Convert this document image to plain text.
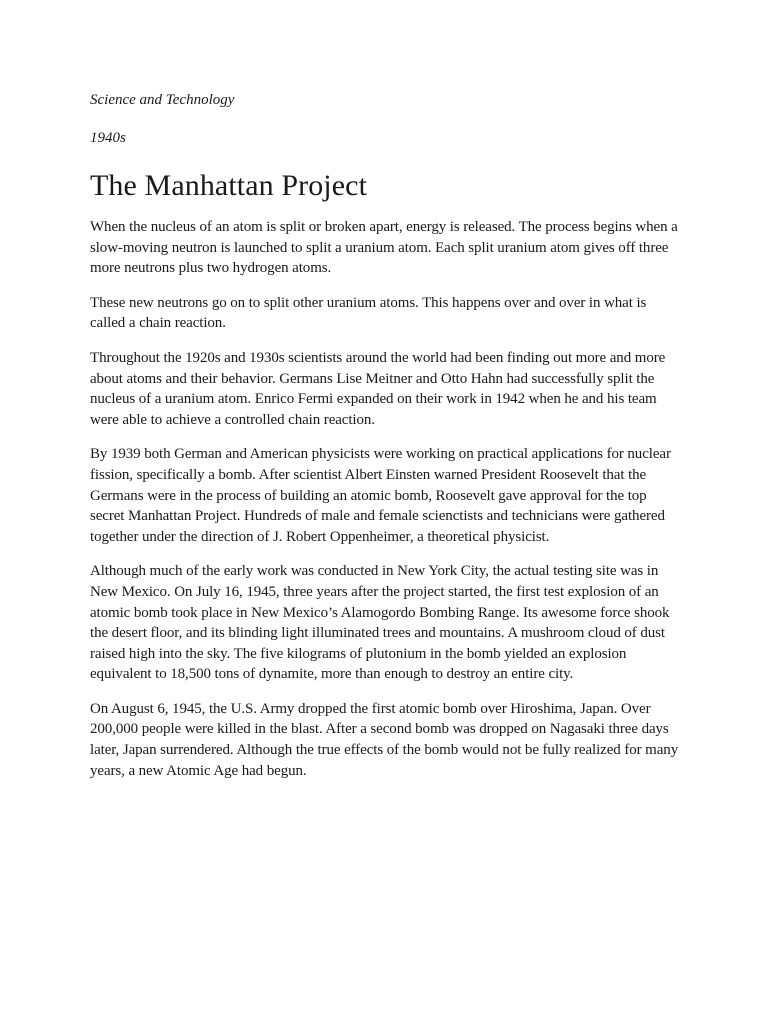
Science and Technology

1940s

The Manhattan Project

When the nucleus of an atom is split or broken apart, energy is released. The process begins when a slow-moving neutron is launched to split a uranium atom. Each split uranium atom gives off three more neutrons plus two hydrogen atoms.

These new neutrons go on to split other uranium atoms. This happens over and over in what is called a chain reaction.

Throughout the 1920s and 1930s scientists around the world had been finding out more and more about atoms and their behavior. Germans Lise Meitner and Otto Hahn had successfully split the nucleus of a uranium atom. Enrico Fermi expanded on their work in 1942 when he and his team were able to achieve a controlled chain reaction.

By 1939 both German and American physicists were working on practical applications for nuclear fission, specifically a bomb. After scientist Albert Einsten warned President Roosevelt that the Germans were in the process of building an atomic bomb, Roosevelt gave approval for the top secret Manhattan Project. Hundreds of male and female scienctists and technicians were gathered together under the direction of J. Robert Oppenheimer, a theoretical physicist.

Although much of the early work was conducted in New York City, the actual testing site was in New Mexico. On July 16, 1945, three years after the project started, the first test explosion of an atomic bomb took place in New Mexico’s Alamogordo Bombing Range. Its awesome force shook the desert floor, and its blinding light illuminated trees and mountains. A mushroom cloud of dust raised high into the sky. The five kilograms of plutonium in the bomb yielded an explosion equivalent to 18,500 tons of dynamite, more than enough to destroy an entire city.

On August 6, 1945, the U.S. Army dropped the first atomic bomb over Hiroshima, Japan. Over 200,000 people were killed in the blast. After a second bomb was dropped on Nagasaki three days later, Japan surrendered. Although the true effects of the bomb would not be fully realized for many years, a new Atomic Age had begun.
